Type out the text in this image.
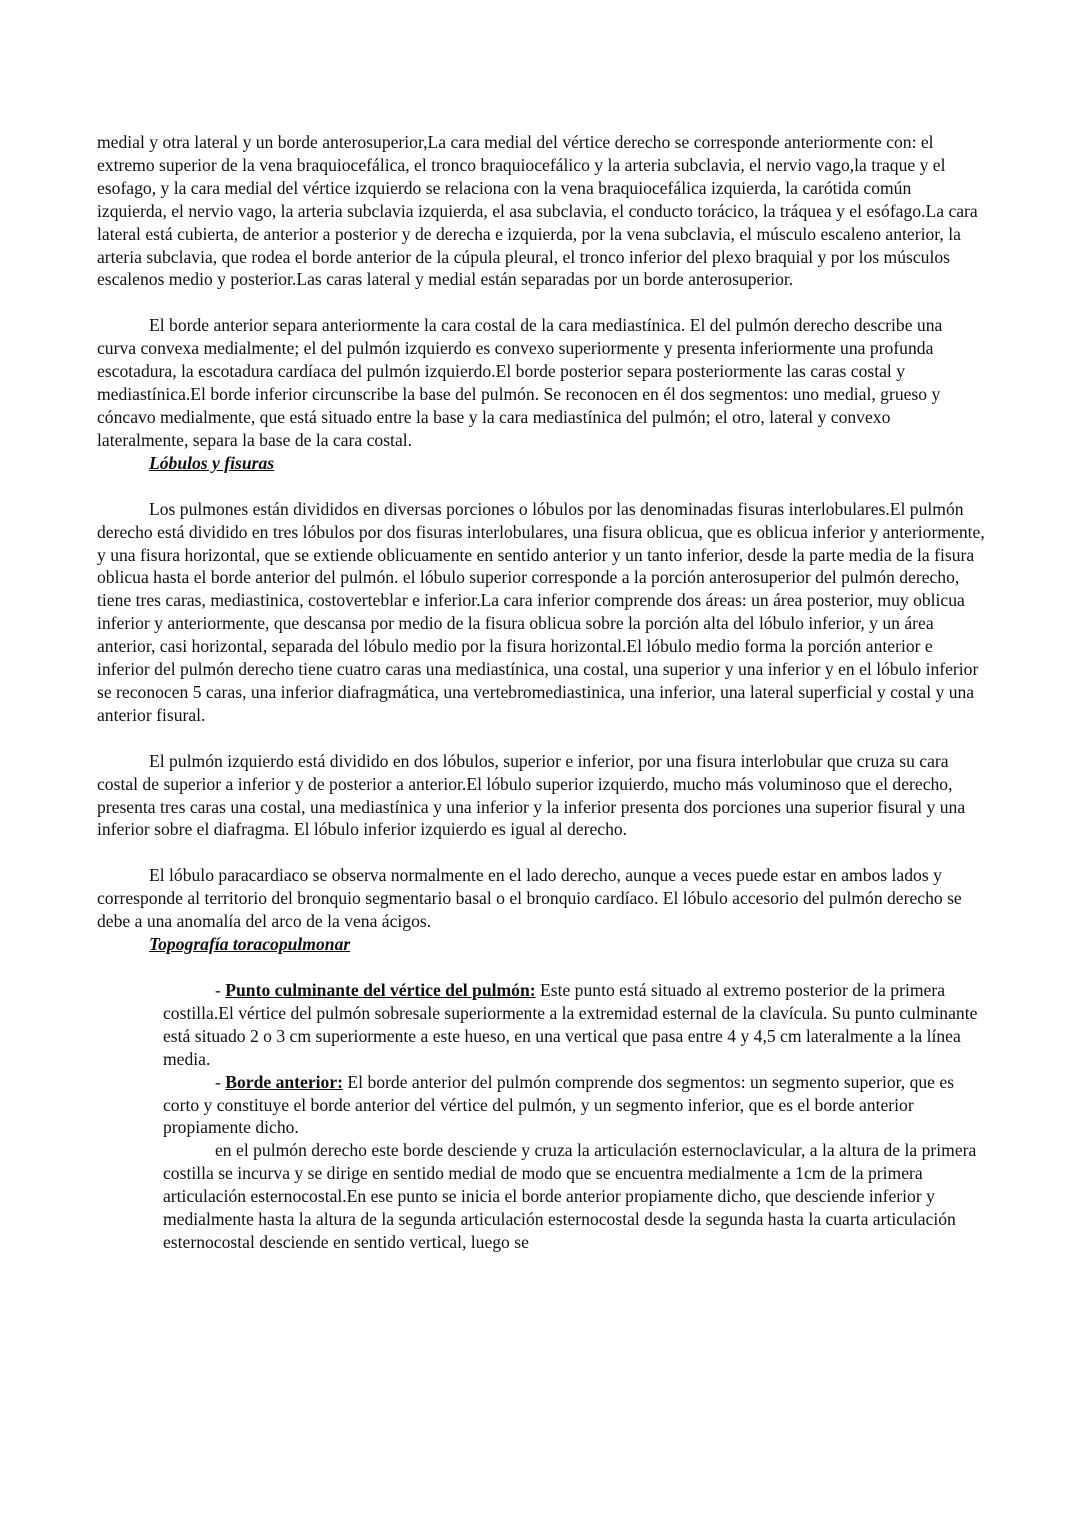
medial y otra lateral y un borde anterosuperior,La cara medial del vértice derecho se corresponde anteriormente con: el extremo superior de la vena braquiocefálica, el tronco braquiocefálico y la arteria subclavia, el nervio vago,la traque y el esofago, y la cara medial del vértice izquierdo se relaciona con la vena braquiocefálica izquierda, la carótida común izquierda, el nervio vago, la arteria subclavia izquierda, el asa subclavia, el conducto torácico, la tráquea y el esófago.La cara lateral está cubierta, de anterior a posterior y de derecha e izquierda, por la vena subclavia, el músculo escaleno anterior, la arteria subclavia, que rodea el borde anterior de la cúpula pleural, el tronco inferior del plexo braquial y por los músculos escalenos medio y posterior.Las caras lateral y medial están separadas por un borde anterosuperior.

El borde anterior separa anteriormente la cara costal de la cara mediastínica. El del pulmón derecho describe una curva convexa medialmente; el del pulmón izquierdo es convexo superiormente y presenta inferiormente una profunda escotadura, la escotadura cardíaca del pulmón izquierdo.El borde posterior separa posteriormente las caras costal y mediastínica.El borde inferior circunscribe la base del pulmón. Se reconocen en él dos segmentos: uno medial, grueso y cóncavo medialmente, que está situado entre la base y la cara mediastínica del pulmón; el otro, lateral y convexo lateralmente, separa la base de la cara costal.

Lóbulos y fisuras

Los pulmones están divididos en diversas porciones o lóbulos por las denominadas fisuras interlobulares.El pulmón derecho está dividido en tres lóbulos por dos fisuras interlobulares, una fisura oblicua, que es oblicua inferior y anteriormente, y una fisura horizontal, que se extiende oblicuamente en sentido anterior y un tanto inferior, desde la parte media de la fisura oblicua hasta el borde anterior del pulmón. el lóbulo superior corresponde a la porción anterosuperior del pulmón derecho, tiene tres caras, mediastinica, costoverteblar e inferior.La cara inferior comprende dos áreas: un área posterior, muy oblicua inferior y anteriormente, que descansa por medio de la fisura oblicua sobre la porción alta del lóbulo inferior, y un área anterior, casi horizontal, separada del lóbulo medio por la fisura horizontal.El lóbulo medio forma la porción anterior e inferior del pulmón derecho tiene cuatro caras una mediastínica, una costal, una superior y una inferior y en el lóbulo inferior se reconocen 5 caras, una inferior diafragmática, una vertebromediastinica, una inferior, una lateral superficial y costal y una anterior fisural.

El pulmón izquierdo está dividido en dos lóbulos, superior e inferior, por una fisura interlobular que cruza su cara costal de superior a inferior y de posterior a anterior.El lóbulo superior izquierdo, mucho más voluminoso que el derecho, presenta tres caras una costal, una mediastínica y una inferior y la inferior presenta dos porciones una superior fisural y una inferior sobre el diafragma. El lóbulo inferior izquierdo es igual al derecho.

El lóbulo paracardiaco se observa normalmente en el lado derecho, aunque a veces puede estar en ambos lados y corresponde al territorio del bronquio segmentario basal o el bronquio cardíaco. El lóbulo accesorio del pulmón derecho se debe a una anomalía del arco de la vena ácigos.

Topografía toracopulmonar

- Punto culminante del vértice del pulmón: Este punto está situado al extremo posterior de la primera costilla.El vértice del pulmón sobresale superiormente a la extremidad esternal de la clavícula. Su punto culminante está situado 2 o 3 cm superiormente a este hueso, en una vertical que pasa entre 4 y 4,5 cm lateralmente a la línea media.

- Borde anterior: El borde anterior del pulmón comprende dos segmentos: un segmento superior, que es corto y constituye el borde anterior del vértice del pulmón, y un segmento inferior, que es el borde anterior propiamente dicho.

en el pulmón derecho este borde desciende y cruza la articulación esternoclavicular, a la altura de la primera costilla se incurva y se dirige en sentido medial de modo que se encuentra medialmente a 1cm de la primera articulación esternocostal.En ese punto se inicia el borde anterior propiamente dicho, que desciende inferior y medialmente hasta la altura de la segunda articulación esternocostal desde la segunda hasta la cuarta articulación esternocostal desciende en sentido vertical, luego se
